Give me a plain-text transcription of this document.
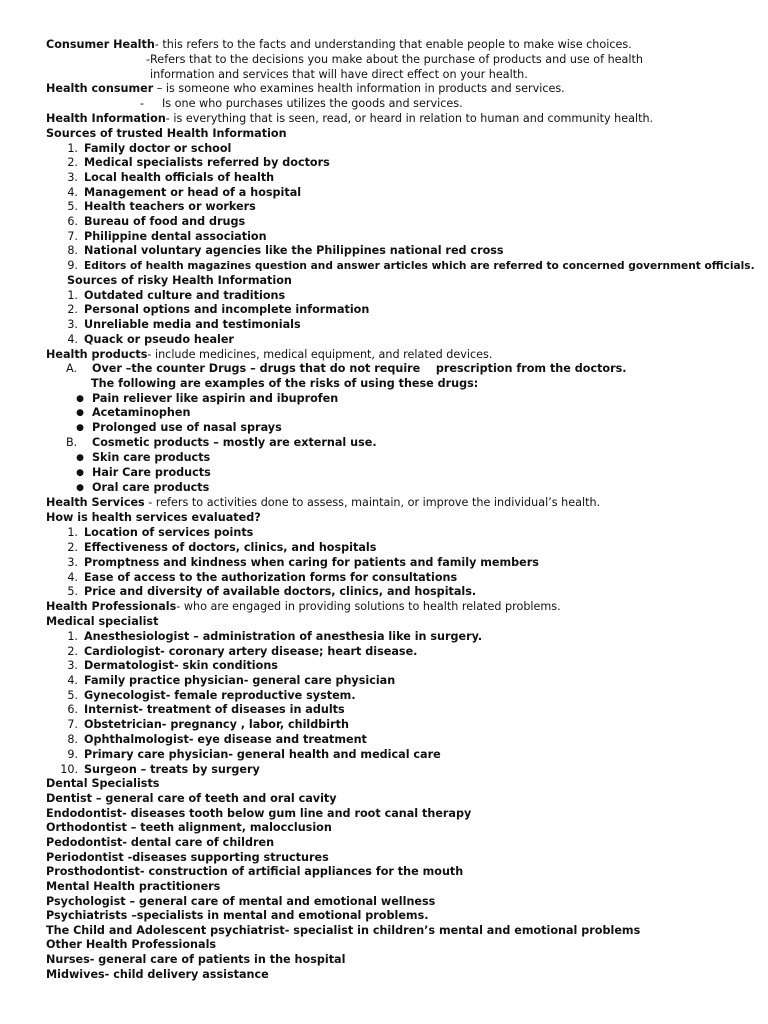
Consumer Health- this refers to the facts and understanding that enable people to make wise choices.
-Refers that to the decisions you make about the purchase of products and use of health
information and services that will have direct effect on your health.
Health consumer – is someone who examines health information in products and services.
- Is one who purchases utilizes the goods and services.
Health Information- is everything that is seen, read, or heard in relation to human and community health.
Sources of trusted Health Information
1. Family doctor or school
2. Medical specialists referred by doctors
3. Local health officials of health
4. Management or head of a hospital
5. Health teachers or workers
6. Bureau of food and drugs
7. Philippine dental association
8. National voluntary agencies like the Philippines national red cross
9. Editors of health magazines question and answer articles which are referred to concerned government officials.
Sources of risky Health Information
1. Outdated culture and traditions
2. Personal options and incomplete information
3. Unreliable media and testimonials
4. Quack or pseudo healer
Health products- include medicines, medical equipment, and related devices.
A. Over –the counter Drugs – drugs that do not require    prescription from the doctors.
The following are examples of the risks of using these drugs:
● Pain reliever like aspirin and ibuprofen
● Acetaminophen
● Prolonged use of nasal sprays
B. Cosmetic products – mostly are external use.
● Skin care products
● Hair Care products
● Oral care products
Health Services - refers to activities done to assess, maintain, or improve the individual’s health.
How is health services evaluated?
1. Location of services points
2. Effectiveness of doctors, clinics, and hospitals
3. Promptness and kindness when caring for patients and family members
4. Ease of access to the authorization forms for consultations
5. Price and diversity of available doctors, clinics, and hospitals.
Health Professionals- who are engaged in providing solutions to health related problems.
Medical specialist
1. Anesthesiologist – administration of anesthesia like in surgery.
2. Cardiologist- coronary artery disease; heart disease.
3. Dermatologist- skin conditions
4. Family practice physician- general care physician
5. Gynecologist- female reproductive system.
6. Internist- treatment of diseases in adults
7. Obstetrician- pregnancy , labor, childbirth
8. Ophthalmologist- eye disease and treatment
9. Primary care physician- general health and medical care
10. Surgeon – treats by surgery
Dental Specialists
Dentist – general care of teeth and oral cavity
Endodontist- diseases tooth below gum line and root canal therapy
Orthodontist – teeth alignment, malocclusion
Pedodontist- dental care of children
Periodontist -diseases supporting structures
Prosthodontist- construction of artificial appliances for the mouth
Mental Health practitioners
Psychologist – general care of mental and emotional wellness
Psychiatrists –specialists in mental and emotional problems.
The Child and Adolescent psychiatrist- specialist in children’s mental and emotional problems
Other Health Professionals
Nurses- general care of patients in the hospital
Midwives- child delivery assistance
